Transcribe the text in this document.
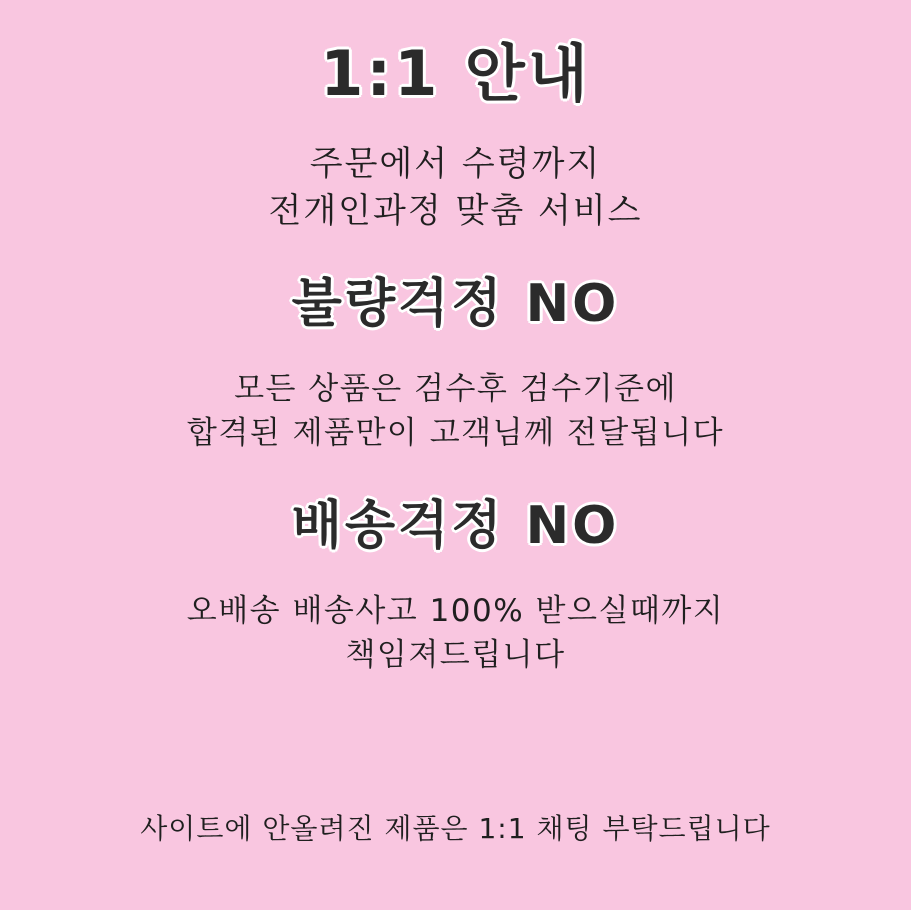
1:1 안내

주문에서 수령까지

전개인과정 맞춤 서비스

불량걱정 NO

모든 상품은 검수후 검수기준에

합격된 제품만이 고객님께 전달됩니다

배송걱정 NO

오배송 배송사고 100% 받으실때까지

책임져드립니다

사이트에 안올려진 제품은 1:1 채팅 부탁드립니다
